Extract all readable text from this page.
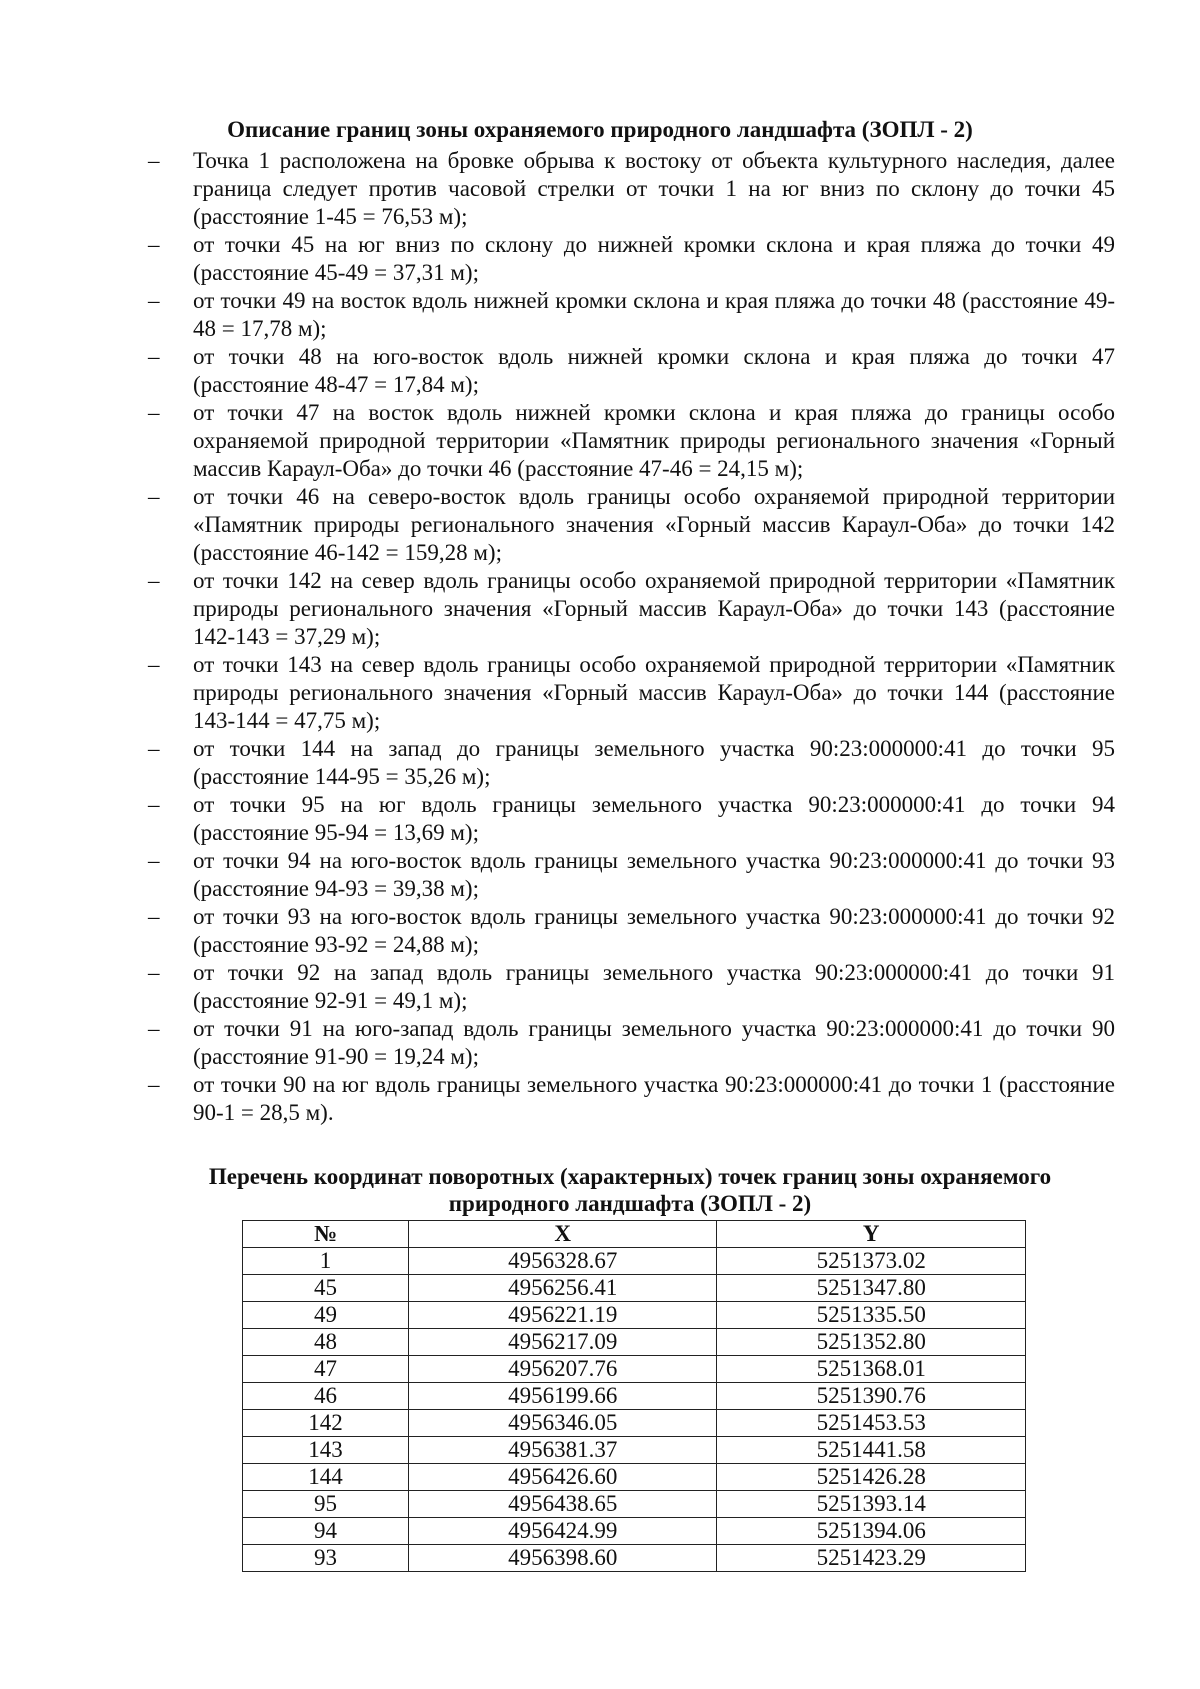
Описание границ зоны охраняемого природного ландшафта (ЗОПЛ - 2)
– Точка 1 расположена на бровке обрыва к востоку от объекта культурного наследия, далее граница следует против часовой стрелки от точки 1 на юг вниз по склону до точки 45 (расстояние 1-45 = 76,53 м);
– от точки 45 на юг вниз по склону до нижней кромки склона и края пляжа до точки 49 (расстояние 45-49 = 37,31 м);
– от точки 49 на восток вдоль нижней кромки склона и края пляжа до точки 48 (расстояние 49-48 = 17,78 м);
– от точки 48 на юго-восток вдоль нижней кромки склона и края пляжа до точки 47 (расстояние 48-47 = 17,84 м);
– от точки 47 на восток вдоль нижней кромки склона и края пляжа до границы особо охраняемой природной территории «Памятник природы регионального значения «Горный массив Караул-Оба» до точки 46 (расстояние 47-46 = 24,15 м);
– от точки 46 на северо-восток вдоль границы особо охраняемой природной территории «Памятник природы регионального значения «Горный массив Караул-Оба» до точки 142 (расстояние 46-142 = 159,28 м);
– от точки 142 на север вдоль границы особо охраняемой природной территории «Памятник природы регионального значения «Горный массив Караул-Оба» до точки 143 (расстояние 142-143 = 37,29 м);
– от точки 143 на север вдоль границы особо охраняемой природной территории «Памятник природы регионального значения «Горный массив Караул-Оба» до точки 144 (расстояние 143-144 = 47,75 м);
– от точки 144 на запад до границы земельного участка 90:23:000000:41 до точки 95 (расстояние 144-95 = 35,26 м);
– от точки 95 на юг вдоль границы земельного участка 90:23:000000:41 до точки 94 (расстояние 95-94 = 13,69 м);
– от точки 94 на юго-восток вдоль границы земельного участка 90:23:000000:41 до точки 93 (расстояние 94-93 = 39,38 м);
– от точки 93 на юго-восток вдоль границы земельного участка 90:23:000000:41 до точки 92 (расстояние 93-92 = 24,88 м);
– от точки 92 на запад вдоль границы земельного участка 90:23:000000:41 до точки 91 (расстояние 92-91 = 49,1 м);
– от точки 91 на юго-запад вдоль границы земельного участка 90:23:000000:41 до точки 90 (расстояние 91-90 = 19,24 м);
– от точки 90 на юг вдоль границы земельного участка 90:23:000000:41 до точки 1 (расстояние 90-1 = 28,5 м).
Перечень координат поворотных (характерных) точек границ зоны охраняемого природного ландшафта (ЗОПЛ - 2)
№	X	Y
1	4956328.67	5251373.02
45	4956256.41	5251347.80
49	4956221.19	5251335.50
48	4956217.09	5251352.80
47	4956207.76	5251368.01
46	4956199.66	5251390.76
142	4956346.05	5251453.53
143	4956381.37	5251441.58
144	4956426.60	5251426.28
95	4956438.65	5251393.14
94	4956424.99	5251394.06
93	4956398.60	5251423.29
